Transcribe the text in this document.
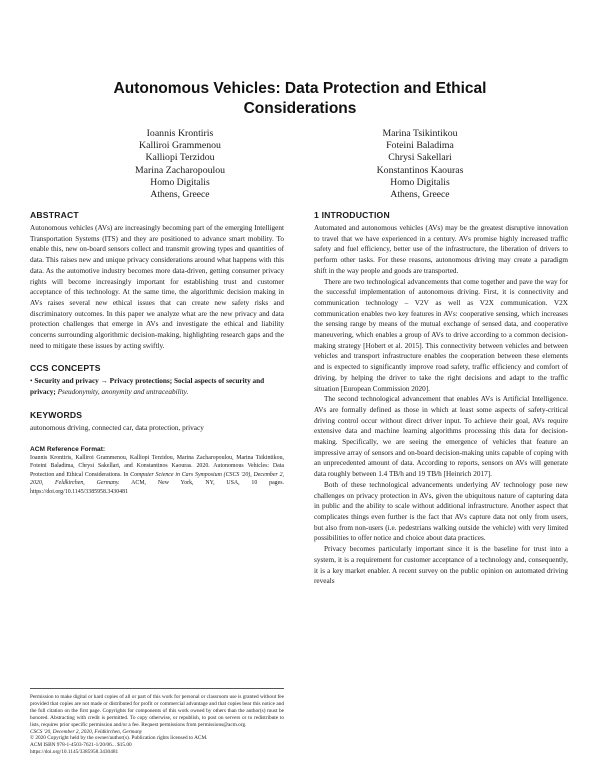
Autonomous Vehicles: Data Protection and Ethical Considerations
Ioannis Krontiris
Kalliroi Grammenou
Kalliopi Terzidou
Marina Zacharopoulou
Homo Digitalis
Athens, Greece
Marina Tsikintikou
Foteini Baladima
Chrysi Sakellari
Konstantinos Kaouras
Homo Digitalis
Athens, Greece
ABSTRACT

Autonomous vehicles (AVs) are increasingly becoming part of the emerging Intelligent Transportation Systems (ITS) and they are positioned to advance smart mobility. To enable this, new on-board sensors collect and transmit growing types and quantities of data. This raises new and unique privacy considerations around what happens with this data. As the automotive industry becomes more data-driven, getting consumer privacy rights will become increasingly important for establishing trust and customer acceptance of this technology. At the same time, the algorithmic decision making in AVs raises several new ethical issues that can create new safety risks and discriminatory outcomes. In this paper we analyze what are the new privacy and data protection challenges that emerge in AVs and investigate the ethical and liability concerns surrounding algorithmic decision-making, highlighting research gaps and the need to mitigate these issues by acting swiftly.

CCS CONCEPTS
• Security and privacy → Privacy protections; Social aspects of security and privacy; Pseudonymity, anonymity and untraceability.
KEYWORDS

autonomous driving, connected car, data protection, privacy

ACM Reference Format:
Ioannis Krontiris, Kalliroi Grammenou, Kalliopi Terzidou, Marina Zacharopoulou, Marina Tsikintikou, Foteini Baladima, Chrysi Sakellari, and Konstantinos Kaouras. 2020. Autonomous Vehicles: Data Protection and Ethical Considerations. In Computer Science in Cars Symposium (CSCS '20), December 2, 2020, Feldkirchen, Germany. ACM, New York, NY, USA, 10 pages. https://doi.org/10.1145/3385958.3430481

Permission to make digital or hard copies of all or part of this work for personal or classroom use is granted without fee provided that copies are not made or distributed for profit or commercial advantage and that copies bear this notice and the full citation on the first page. Copyrights for components of this work owned by others than the author(s) must be honored. Abstracting with credit is permitted. To copy otherwise, or republish, to post on servers or to redistribute to lists, requires prior specific permission and/or a fee. Request permissions from permissions@acm.org.

CSCS '20, December 2, 2020, Feldkirchen, Germany

© 2020 Copyright held by the owner/author(s). Publication rights licensed to ACM.

ACM ISBN 978-1-4503-7621-1/20/06... $15.00

https://doi.org/10.1145/3385958.3430481

1 INTRODUCTION

Automated and autonomous vehicles (AVs) may be the greatest disruptive innovation to travel that we have experienced in a century. AVs promise highly increased traffic safety and fuel efficiency, better use of the infrastructure, the liberation of drivers to perform other tasks. For these reasons, autonomous driving may create a paradigm shift in the way people and goods are transported.

There are two technological advancements that come together and pave the way for the successful implementation of autonomous driving. First, it is connectivity and communication technology – V2V as well as V2X communication. V2X communication enables two key features in AVs: cooperative sensing, which increases the sensing range by means of the mutual exchange of sensed data, and cooperative maneuvering, which enables a group of AVs to drive according to a common decision-making strategy [Hobert et al. 2015]. This connectivity between vehicles and between vehicles and transport infrastructure enables the cooperation between these elements and is expected to significantly improve road safety, traffic efficiency and comfort of driving, by helping the driver to take the right decisions and adapt to the traffic situation [European Commission 2020].

The second technological advancement that enables AVs is Artificial Intelligence. AVs are formally defined as those in which at least some aspects of safety-critical driving control occur without direct driver input. To achieve their goal, AVs require extensive data and machine learning algorithms processing this data for decision-making. Specifically, we are seeing the emergence of vehicles that feature an impressive array of sensors and on-board decision-making units capable of coping with an unprecedented amount of data. According to reports, sensors on AVs will generate data roughly between 1.4 TB/h and 19 TB/h [Heinrich 2017].

Both of these technological advancements underlying AV technology pose new challenges on privacy protection in AVs, given the ubiquitous nature of capturing data in public and the ability to scale without additional infrastructure. Another aspect that complicates things even further is the fact that AVs capture data not only from users, but also from non-users (i.e. pedestrians walking outside the vehicle) with very limited possibilities to offer notice and choice about data practices.

Privacy becomes particularly important since it is the baseline for trust into a system, it is a requirement for customer acceptance of a technology and, consequently, it is a key market enabler. A recent survey on the public opinion on automated driving reveals
